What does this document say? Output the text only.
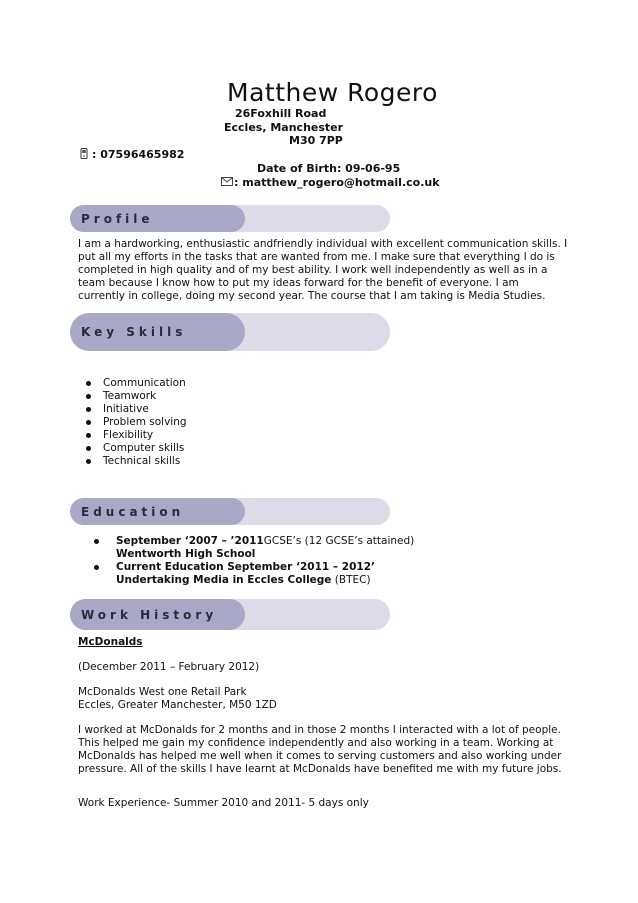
Matthew Rogero
26Foxhill Road
Eccles, Manchester
M30 7PP
: 07596465982
Date of Birth: 09-06-95
: matthew_rogero@hotmail.co.uk
Profile
I am a hardworking, enthusiastic andfriendly individual with excellent communication skills. I put all my efforts in the tasks that are wanted from me. I make sure that everything I do is completed in high quality and of my best ability. I work well independently as well as in a team because I know how to put my ideas forward for the benefit of everyone. I am currently in college, doing my second year. The course that I am taking is Media Studies.
Key Skills
Communication
Teamwork
Initiative
Problem solving
Flexibility
Computer skills
Technical skills
Education
September ‘2007 – ’2011GCSE’s (12 GCSE’s attained)
Wentworth High School
Current Education September ‘2011 – 2012’
Undertaking Media in Eccles College (BTEC)
Work History
McDonalds
(December 2011 – February 2012)
McDonalds West one Retail Park
Eccles, Greater Manchester, M50 1ZD
I worked at McDonalds for 2 months and in those 2 months I interacted with a lot of people. This helped me gain my confidence independently and also working in a team. Working at McDonalds has helped me well when it comes to serving customers and also working under pressure. All of the skills I have learnt at McDonalds have benefited me with my future jobs.
Work Experience- Summer 2010 and 2011- 5 days only
